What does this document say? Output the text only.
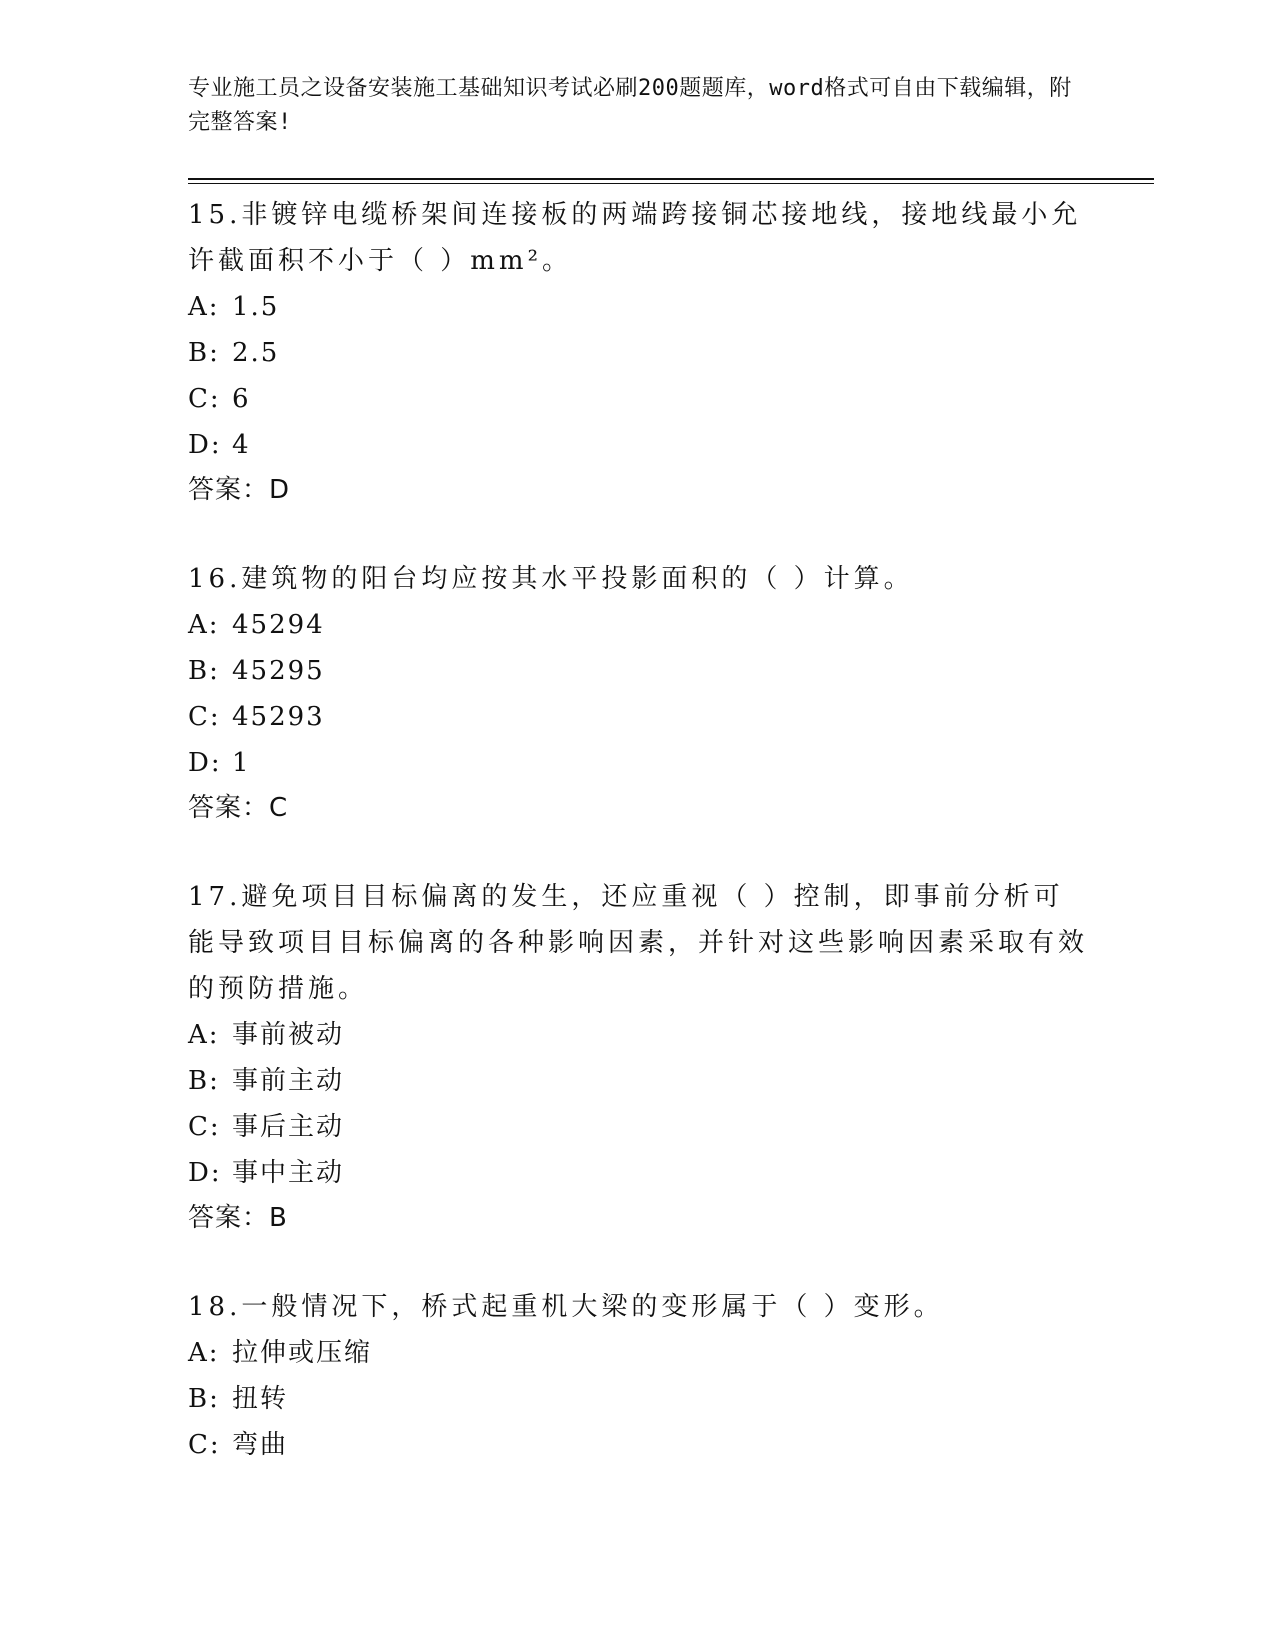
专业施工员之设备安装施工基础知识考试必刷200题题库，word格式可自由下载编辑，附完整答案!
15.非镀锌电缆桥架间连接板的两端跨接铜芯接地线，接地线最小允许截面积不小于（ ）mm²。
A: 1.5
B: 2.5
C: 6
D: 4
答案：D
16.建筑物的阳台均应按其水平投影面积的（ ）计算。
A: 45294
B: 45295
C: 45293
D: 1
答案：C
17.避免项目目标偏离的发生，还应重视（ ）控制，即事前分析可能导致项目目标偏离的各种影响因素，并针对这些影响因素采取有效的预防措施。
A: 事前被动
B: 事前主动
C: 事后主动
D: 事中主动
答案：B
18.一般情况下，桥式起重机大梁的变形属于（ ）变形。
A: 拉伸或压缩
B: 扭转
C: 弯曲
